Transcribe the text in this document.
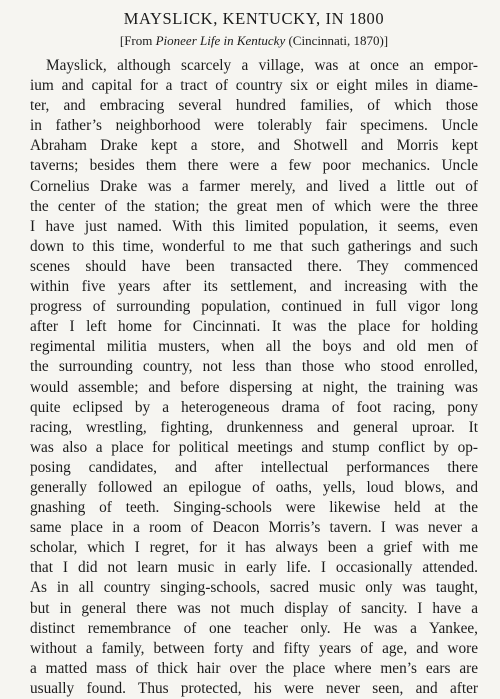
MAYSLICK, KENTUCKY, IN 1800
[From Pioneer Life in Kentucky (Cincinnati, 1870)]
Mayslick, although scarcely a village, was at once an empor-
ium and capital for a tract of country six or eight miles in diame-
ter, and embracing several hundred families, of which those
in father’s neighborhood were tolerably fair specimens. Uncle
Abraham Drake kept a store, and Shotwell and Morris kept
taverns; besides them there were a few poor mechanics. Uncle
Cornelius Drake was a farmer merely, and lived a little out of
the center of the station; the great men of which were the three
I have just named. With this limited population, it seems, even
down to this time, wonderful to me that such gatherings and such
scenes should have been transacted there. They commenced
within five years after its settlement, and increasing with the
progress of surrounding population, continued in full vigor long
after I left home for Cincinnati. It was the place for holding
regimental militia musters, when all the boys and old men of
the surrounding country, not less than those who stood enrolled,
would assemble; and before dispersing at night, the training was
quite eclipsed by a heterogeneous drama of foot racing, pony
racing, wrestling, fighting, drunkenness and general uproar. It
was also a place for political meetings and stump conflict by op-
posing candidates, and after intellectual performances there
generally followed an epilogue of oaths, yells, loud blows, and
gnashing of teeth. Singing-schools were likewise held at the
same place in a room of Deacon Morris’s tavern. I was never a
scholar, which I regret, for it has always been a grief with me
that I did not learn music in early life. I occasionally attended.
As in all country singing-schools, sacred music only was taught,
but in general there was not much display of sancity. I have a
distinct remembrance of one teacher only. He was a Yankee,
without a family, between forty and fifty years of age, and wore
a matted mass of thick hair over the place where men’s ears are
usually found. Thus protected, his were never seen, and after
